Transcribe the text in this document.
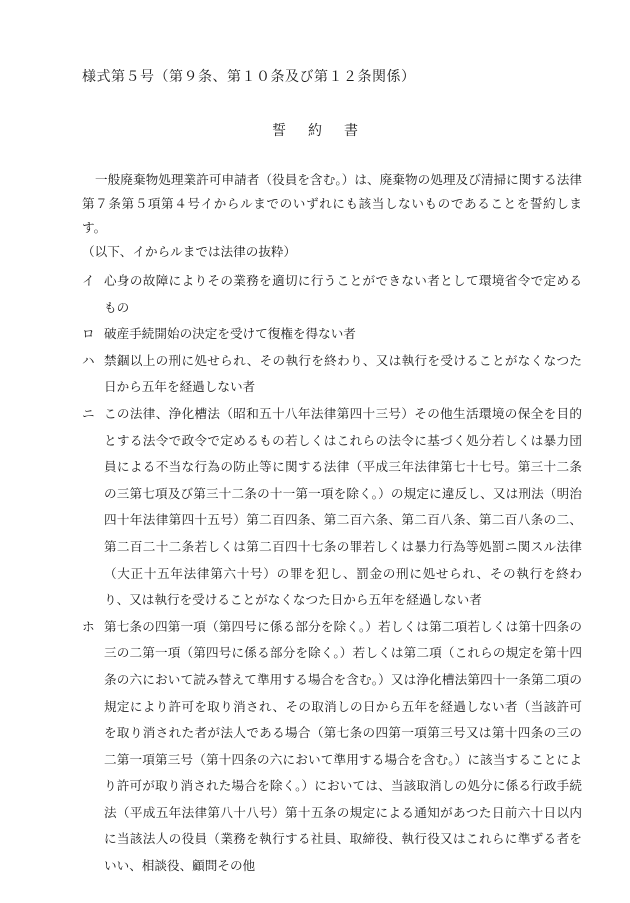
様式第５号（第９条、第１０条及び第１２条関係）
誓約書

一般廃棄物処理業許可申請者（役員を含む。）は、廃棄物の処理及び清掃に関する法律第７条第５項第４号イからルまでのいずれにも該当しないものであることを誓約します。

（以下、イからルまでは法律の抜粋）

イ 心身の故障によりその業務を適切に行うことができない者として環境省令で定めるもの
ロ 破産手続開始の決定を受けて復権を得ない者
ハ 禁錮以上の刑に処せられ、その執行を終わり、又は執行を受けることがなくなつた日から五年を経過しない者
ニ この法律、浄化槽法（昭和五十八年法律第四十三号）その他生活環境の保全を目的とする法令で政令で定めるもの若しくはこれらの法令に基づく処分若しくは暴力団員による不当な行為の防止等に関する法律（平成三年法律第七十七号。第三十二条の三第七項及び第三十二条の十一第一項を除く。）の規定に違反し、又は刑法（明治四十年法律第四十五号）第二百四条、第二百六条、第二百八条、第二百八条の二、第二百二十二条若しくは第二百四十七条の罪若しくは暴力行為等処罰ニ関スル法律（大正十五年法律第六十号）の罪を犯し、罰金の刑に処せられ、その執行を終わり、又は執行を受けることがなくなつた日から五年を経過しない者
ホ 第七条の四第一項（第四号に係る部分を除く。）若しくは第二項若しくは第十四条の三の二第一項（第四号に係る部分を除く。）若しくは第二項（これらの規定を第十四条の六において読み替えて準用する場合を含む。）又は浄化槽法第四十一条第二項の規定により許可を取り消され、その取消しの日から五年を経過しない者（当該許可を取り消された者が法人である場合（第七条の四第一項第三号又は第十四条の三の二第一項第三号（第十四条の六において準用する場合を含む。）に該当することにより許可が取り消された場合を除く。）においては、当該取消しの処分に係る行政手続法（平成五年法律第八十八号）第十五条の規定による通知があつた日前六十日以内に当該法人の役員（業務を執行する社員、取締役、執行役又はこれらに準ずる者をいい、相談役、顧問その他
